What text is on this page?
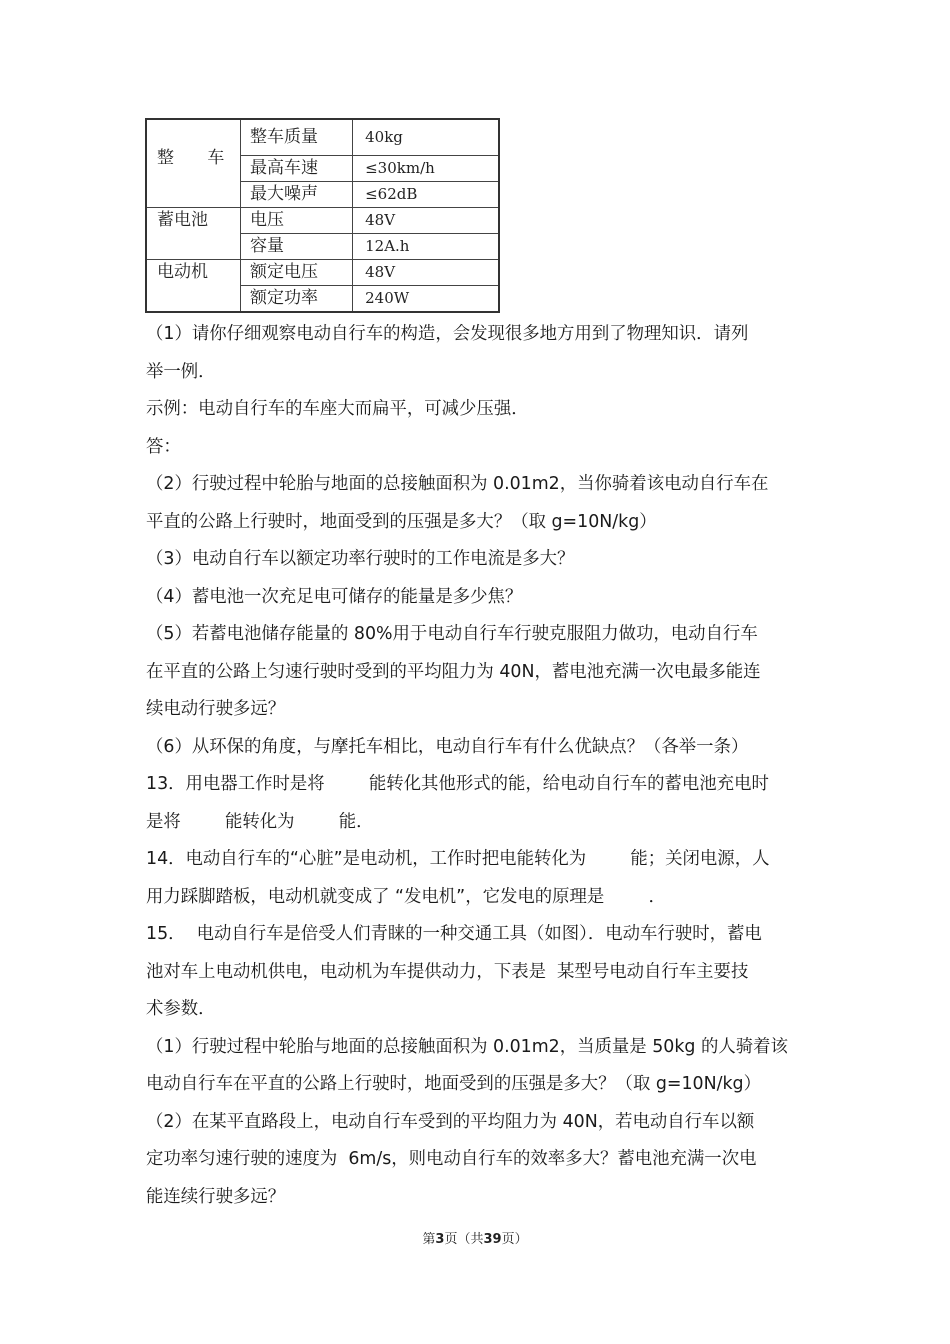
整 车	整车质量	40kg
	最高车速	≤30km/h
	最大噪声	≤62dB
蓄电池	电压	48V
	容量	12A.h
电动机	额定电压	48V
	额定功率	240W
（1）请你仔细观察电动自行车的构造，会发现很多地方用到了物理知识．请列
举一例．
示例：电动自行车的车座大而扁平，可减少压强．
答：
（2）行驶过程中轮胎与地面的总接触面积为 0.01m2，当你骑着该电动自行车在
平直的公路上行驶时，地面受到的压强是多大？（取 g=10N/kg）
（3）电动自行车以额定功率行驶时的工作电流是多大？
（4）蓄电池一次充足电可储存的能量是多少焦？
（5）若蓄电池储存能量的 80%用于电动自行车行驶克服阻力做功，电动自行车
在平直的公路上匀速行驶时受到的平均阻力为 40N，蓄电池充满一次电最多能连
续电动行驶多远？
（6）从环保的角度，与摩托车相比，电动自行车有什么优缺点？（各举一条）
13．用电器工作时是将        能转化其他形式的能，给电动自行车的蓄电池充电时
是将        能转化为        能．
14．电动自行车的“心脏”是电动机，工作时把电能转化为        能；关闭电源，人
用力踩脚踏板，电动机就变成了 “发电机”，它发电的原理是        ．
15．  电动自行车是倍受人们青睐的一种交通工具（如图）．电动车行驶时，蓄电
池对车上电动机供电，电动机为车提供动力，下表是  某型号电动自行车主要技
术参数．
（1）行驶过程中轮胎与地面的总接触面积为 0.01m2，当质量是 50kg 的人骑着该
电动自行车在平直的公路上行驶时，地面受到的压强是多大？（取 g=10N/kg）
（2）在某平直路段上，电动自行车受到的平均阻力为 40N，若电动自行车以额
定功率匀速行驶的速度为  6m/s，则电动自行车的效率多大？蓄电池充满一次电
能连续行驶多远？
第3页（共39页）
